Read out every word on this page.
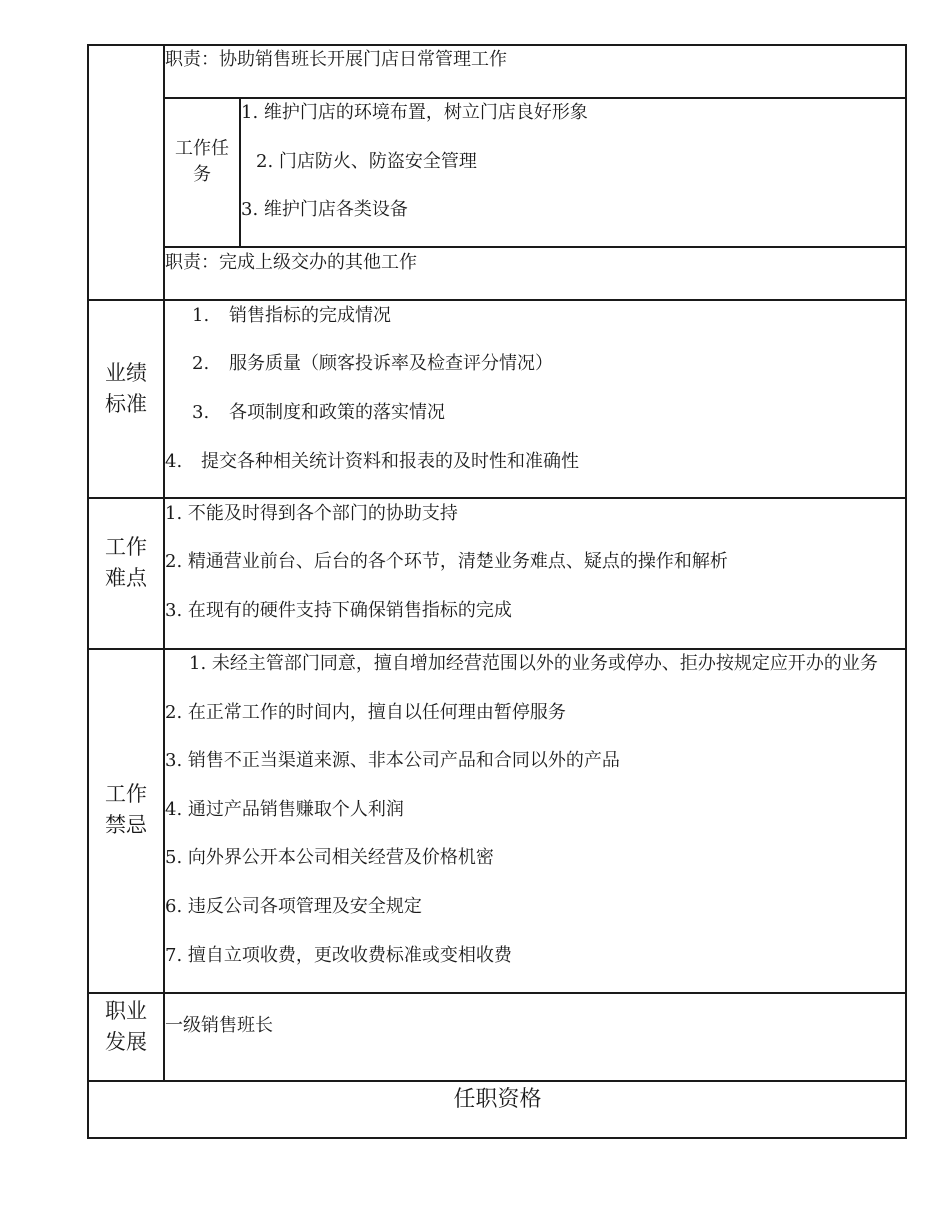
职责：协助销售班长开展门店日常管理工作
工作任务
1. 维护门店的环境布置，树立门店良好形象
2. 门店防火、防盗安全管理
3. 维护门店各类设备
职责：完成上级交办的其他工作
业绩标准
1. 销售指标的完成情况
2. 服务质量（顾客投诉率及检查评分情况）
3. 各项制度和政策的落实情况
4. 提交各种相关统计资料和报表的及时性和准确性
工作难点
1. 不能及时得到各个部门的协助支持
2. 精通营业前台、后台的各个环节，清楚业务难点、疑点的操作和解析
3. 在现有的硬件支持下确保销售指标的完成
工作禁忌
1. 未经主管部门同意，擅自增加经营范围以外的业务或停办、拒办按规定应开办的业务
2. 在正常工作的时间内，擅自以任何理由暂停服务
3. 销售不正当渠道来源、非本公司产品和合同以外的产品
4. 通过产品销售赚取个人利润
5. 向外界公开本公司相关经营及价格机密
6. 违反公司各项管理及安全规定
7. 擅自立项收费，更改收费标准或变相收费
职业发展
一级销售班长
任职资格
